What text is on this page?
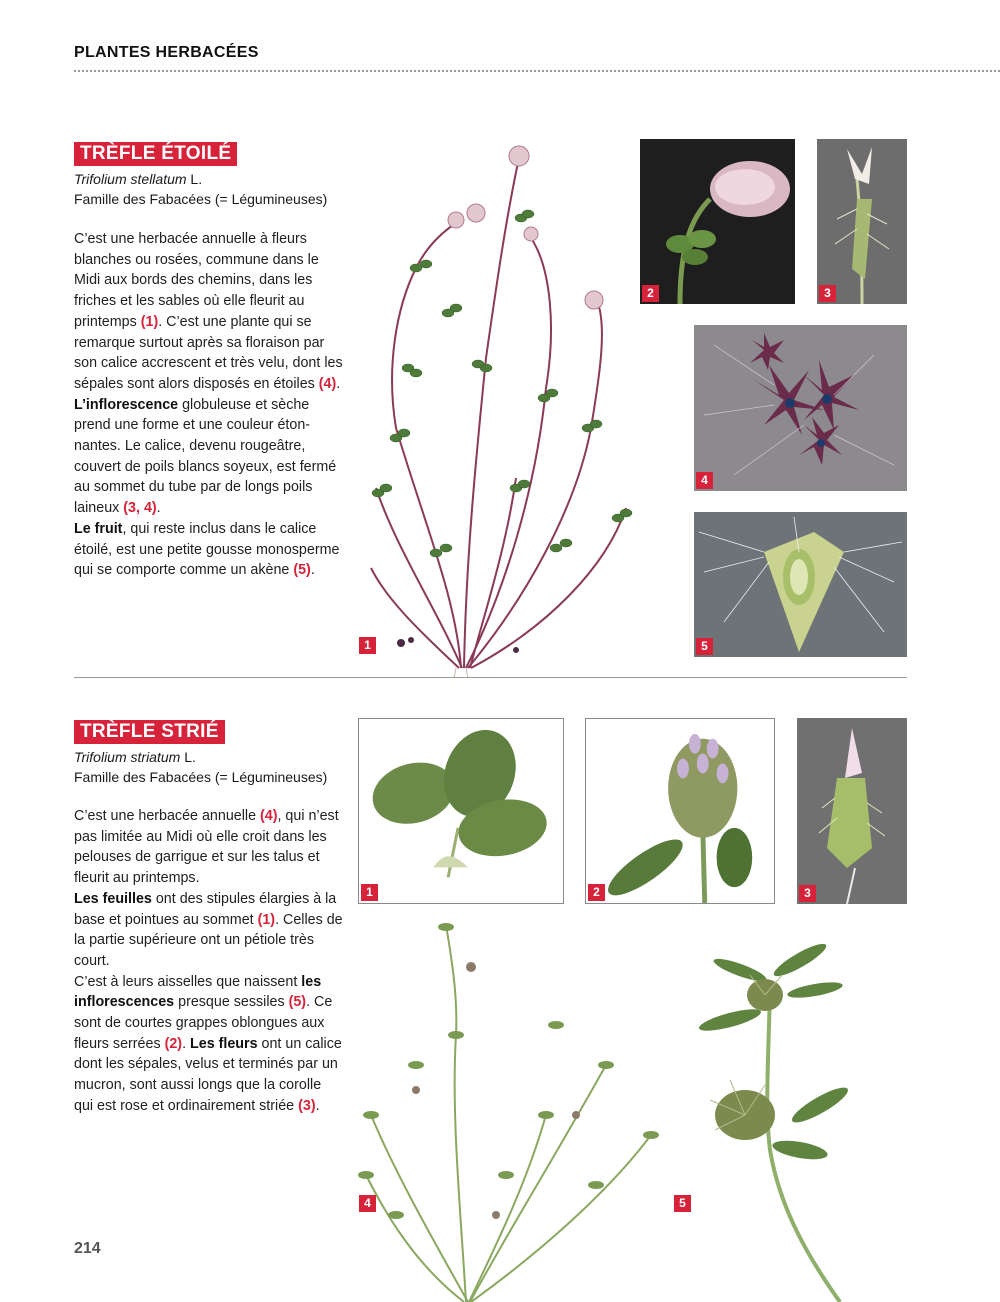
PLANTES HERBACÉES
TRÈFLE ÉTOILÉ
Trifolium stellatum L.
Famille des Fabacées (= Légumineuses)
C’est une herbacée annuelle à fleurs blanches ou rosées, commune dans le Midi aux bords des chemins, dans les friches et les sables où elle fleurit au printemps (1). C’est une plante qui se remarque surtout après sa floraison par son calice accrescent et très velu, dont les sépales sont alors disposés en étoiles (4).
L’inflorescence globuleuse et sèche prend une forme et une couleur étonnantes. Le calice, devenu rougeâtre, couvert de poils blancs soyeux, est fermé au sommet du tube par de longs poils laineux (3, 4).
Le fruit, qui reste inclus dans le calice étoilé, est une petite gousse monosperme qui se comporte comme un akène (5).
1
2	3
4
5
TRÈFLE STRIÉ
Trifolium striatum L.
Famille des Fabacées (= Légumineuses)
C’est une herbacée annuelle (4), qui n’est pas limitée au Midi où elle croit dans les pelouses de garrigue et sur les talus et fleurit au printemps.
Les feuilles ont des stipules élargies à la base et pointues au sommet (1). Celles de la partie supérieure ont un pétiole très court.
C’est à leurs aisselles que naissent les inflorescences presque sessiles (5). Ce sont de courtes grappes oblongues aux fleurs serrées (2). Les fleurs ont un calice dont les sépales, velus et terminés par un mucron, sont aussi longs que la corolle qui est rose et ordinairement striée (3).
1	2	3
4	5
214
